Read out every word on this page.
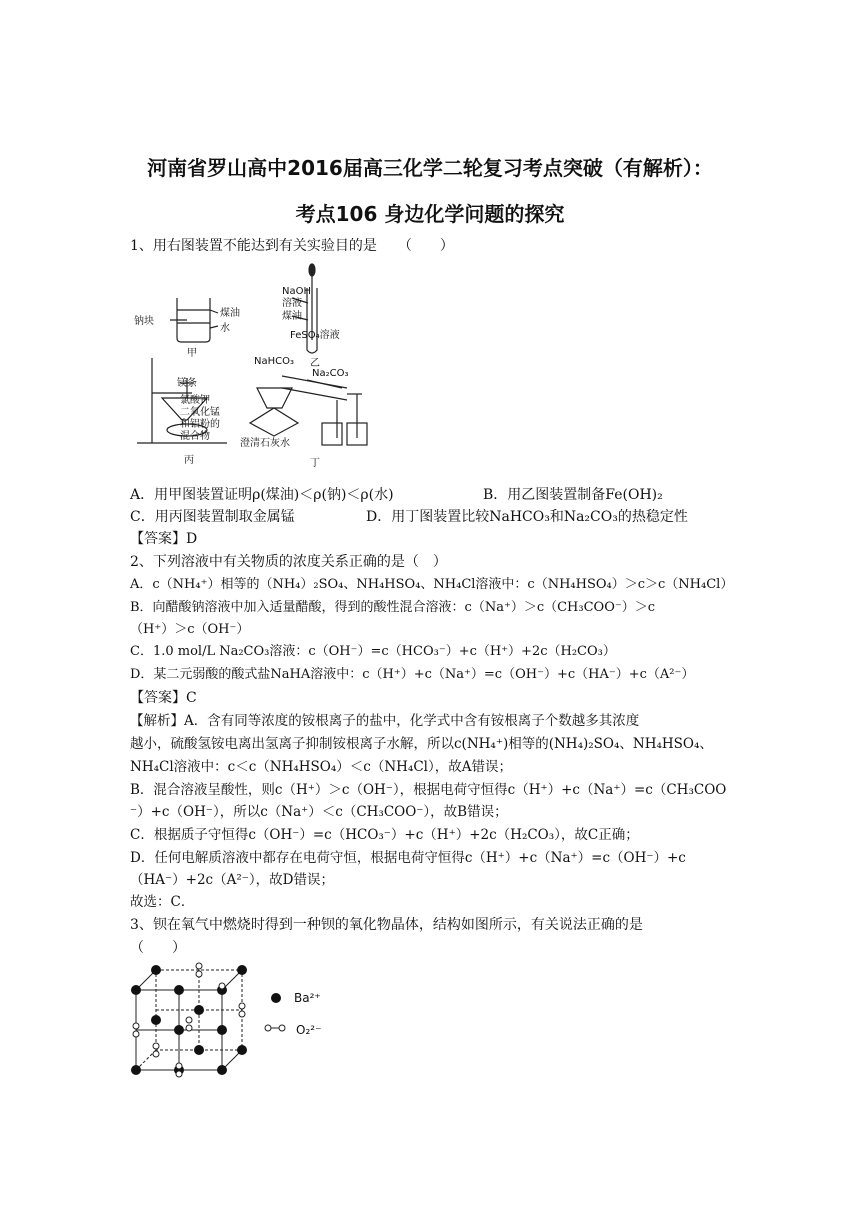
河南省罗山高中2016届高三化学二轮复习考点突破（有解析）：
考点106 身边化学问题的探究
1、用右图装置不能达到有关实验目的是　　（　　）
钠块
煤油
水
甲
NaOH
溶液
煤油
FeSO₄溶液
乙
镁条
氯酸钾
二氧化锰
和铝粉的
混合物
丙
NaHCO₃
Na₂CO₃
澄清石灰水
丁
A．用甲图装置证明ρ(煤油)＜ρ(钠)＜ρ(水)	B．用乙图装置制备Fe(OH)₂
C．用丙图装置制取金属锰	D．用丁图装置比较NaHCO₃和Na₂CO₃的热稳定性
【答案】D
2、下列溶液中有关物质的浓度关系正确的是（　）
A．c（NH₄⁺）相等的（NH₄）₂SO₄、NH₄HSO₄、NH₄Cl溶液中：c（NH₄HSO₄）＞c＞c（NH₄Cl）
B．向醋酸钠溶液中加入适量醋酸，得到的酸性混合溶液：c（Na⁺）＞c（CH₃COO⁻）＞c
（H⁺）＞c（OH⁻）
C．1.0 mol/L Na₂CO₃溶液：c（OH⁻）=c（HCO₃⁻）+c（H⁺）+2c（H₂CO₃）
D．某二元弱酸的酸式盐NaHA溶液中：c（H⁺）+c（Na⁺）=c（OH⁻）+c（HA⁻）+c（A²⁻）
【答案】C
【解析】A．含有同等浓度的铵根离子的盐中，化学式中含有铵根离子个数越多其浓度
越小，硫酸氢铵电离出氢离子抑制铵根离子水解，所以c(NH₄⁺)相等的(NH₄)₂SO₄、NH₄HSO₄、
NH₄Cl溶液中：c＜c（NH₄HSO₄）＜c（NH₄Cl），故A错误；
B．混合溶液呈酸性，则c（H⁺）＞c（OH⁻），根据电荷守恒得c（H⁺）+c（Na⁺）=c（CH₃COO
⁻）+c（OH⁻），所以c（Na⁺）＜c（CH₃COO⁻），故B错误；
C．根据质子守恒得c（OH⁻）=c（HCO₃⁻）+c（H⁺）+2c（H₂CO₃），故C正确；
D．任何电解质溶液中都存在电荷守恒，根据电荷守恒得c（H⁺）+c（Na⁺）=c（OH⁻）+c
（HA⁻）+2c（A²⁻），故D错误；
故选：C．
3、钡在氧气中燃烧时得到一种钡的氧化物晶体，结构如图所示，有关说法正确的是
（　　）
Ba²⁺
O₂²⁻
